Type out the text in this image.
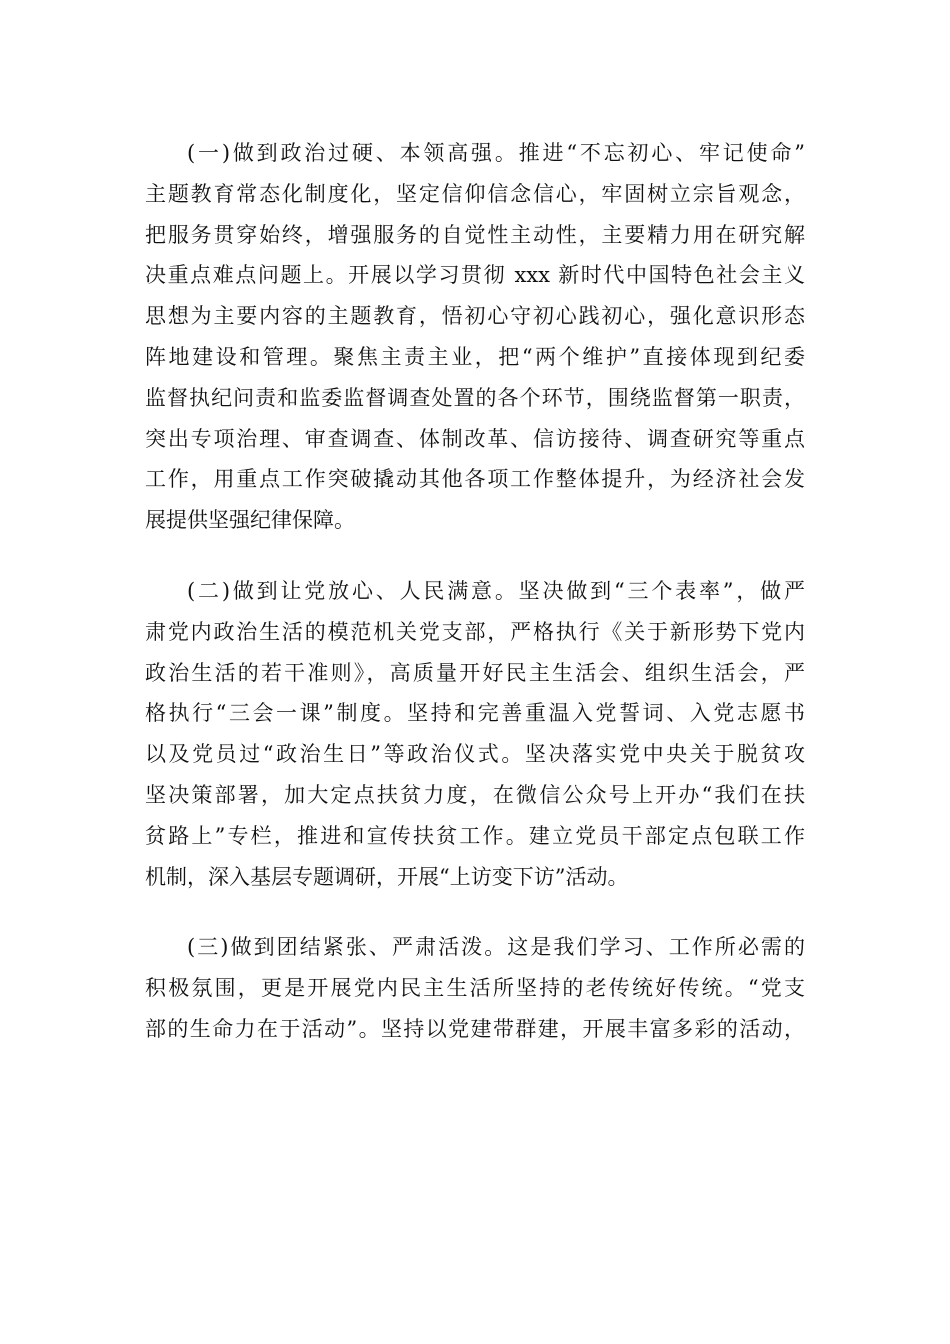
(一)做到政治过硬、本领高强。推进“不忘初心、牢记使命”
主题教育常态化制度化，坚定信仰信念信心，牢固树立宗旨观念，
把服务贯穿始终，增强服务的自觉性主动性，主要精力用在研究解
决重点难点问题上。开展以学习贯彻 xxx 新时代中国特色社会主义
思想为主要内容的主题教育，悟初心守初心践初心，强化意识形态
阵地建设和管理。聚焦主责主业，把“两个维护”直接体现到纪委
监督执纪问责和监委监督调查处置的各个环节，围绕监督第一职责，
突出专项治理、审查调查、体制改革、信访接待、调查研究等重点
工作，用重点工作突破撬动其他各项工作整体提升，为经济社会发
展提供坚强纪律保障。
(二)做到让党放心、人民满意。坚决做到“三个表率”，做严
肃党内政治生活的模范机关党支部，严格执行《关于新形势下党内
政治生活的若干准则》，高质量开好民主生活会、组织生活会，严
格执行“三会一课”制度。坚持和完善重温入党誓词、入党志愿书
以及党员过“政治生日”等政治仪式。坚决落实党中央关于脱贫攻
坚决策部署，加大定点扶贫力度，在微信公众号上开办“我们在扶
贫路上”专栏，推进和宣传扶贫工作。建立党员干部定点包联工作
机制，深入基层专题调研，开展“上访变下访”活动。
(三)做到团结紧张、严肃活泼。这是我们学习、工作所必需的
积极氛围，更是开展党内民主生活所坚持的老传统好传统。“党支
部的生命力在于活动”。坚持以党建带群建，开展丰富多彩的活动，
